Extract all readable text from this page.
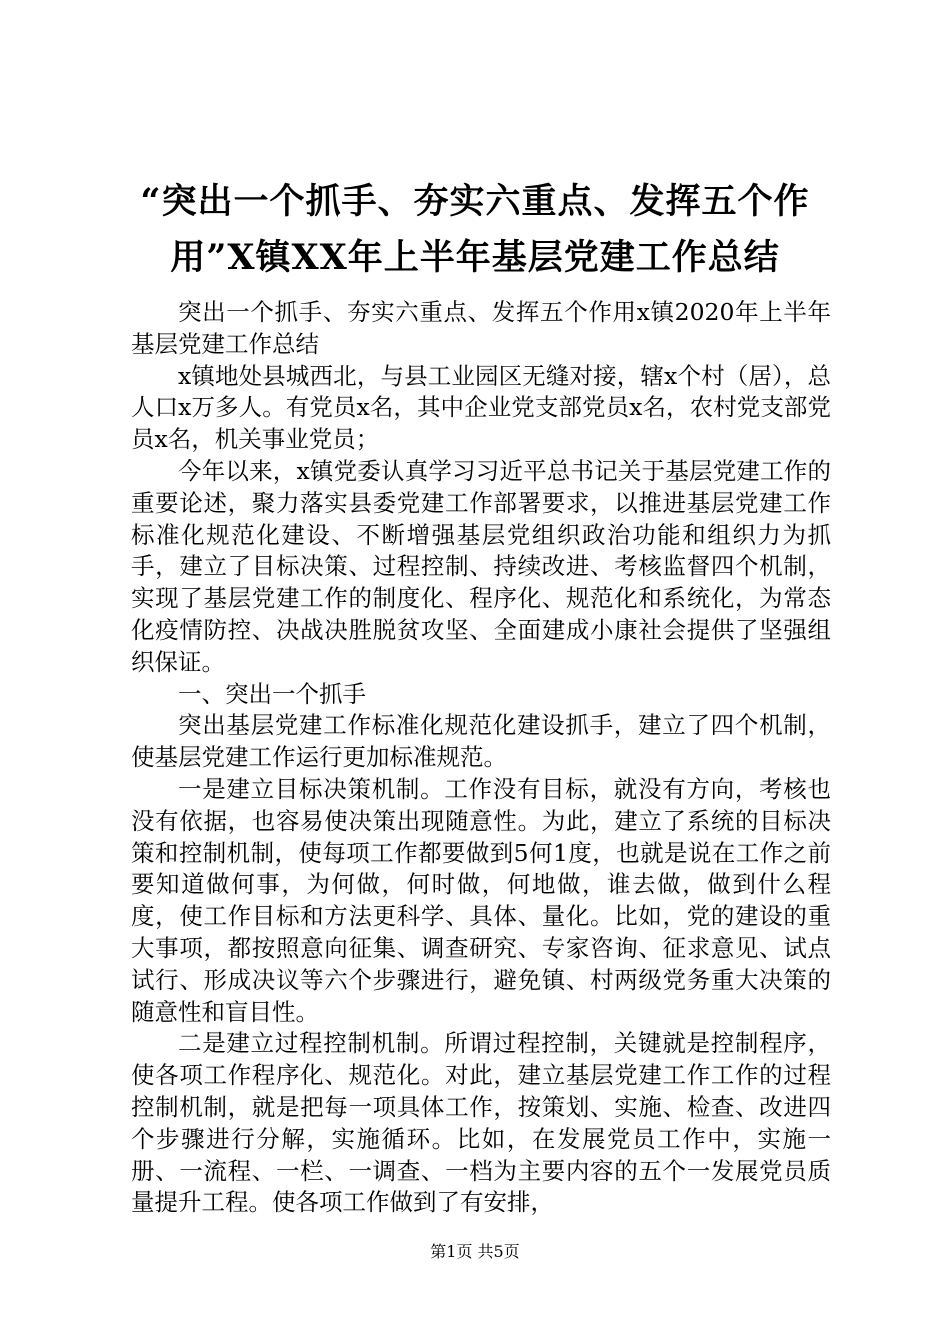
“突出一个抓手、夯实六重点、发挥五个作用”X镇XX年上半年基层党建工作总结

突出一个抓手、夯实六重点、发挥五个作用x镇2020年上半年基层党建工作总结

x镇地处县城西北，与县工业园区无缝对接，辖x个村（居），总人口x万多人。有党员x名，其中企业党支部党员x名，农村党支部党员x名，机关事业党员；

今年以来，x镇党委认真学习习近平总书记关于基层党建工作的重要论述，聚力落实县委党建工作部署要求，以推进基层党建工作标准化规范化建设、不断增强基层党组织政治功能和组织力为抓手，建立了目标决策、过程控制、持续改进、考核监督四个机制，实现了基层党建工作的制度化、程序化、规范化和系统化，为常态化疫情防控、决战决胜脱贫攻坚、全面建成小康社会提供了坚强组织保证。

一、突出一个抓手

突出基层党建工作标准化规范化建设抓手，建立了四个机制，使基层党建工作运行更加标准规范。

一是建立目标决策机制。工作没有目标，就没有方向，考核也没有依据，也容易使决策出现随意性。为此，建立了系统的目标决策和控制机制，使每项工作都要做到5何1度，也就是说在工作之前要知道做何事，为何做，何时做，何地做，谁去做，做到什么程度，使工作目标和方法更科学、具体、量化。比如，党的建设的重大事项，都按照意向征集、调查研究、专家咨询、征求意见、试点试行、形成决议等六个步骤进行，避免镇、村两级党务重大决策的随意性和盲目性。

二是建立过程控制机制。所谓过程控制，关键就是控制程序，使各项工作程序化、规范化。对此，建立基层党建工作工作的过程控制机制，就是把每一项具体工作，按策划、实施、检查、改进四个步骤进行分解，实施循环。比如，在发展党员工作中，实施一册、一流程、一栏、一调查、一档为主要内容的五个一发展党员质量提升工程。使各项工作做到了有安排，

第1页 共5页
